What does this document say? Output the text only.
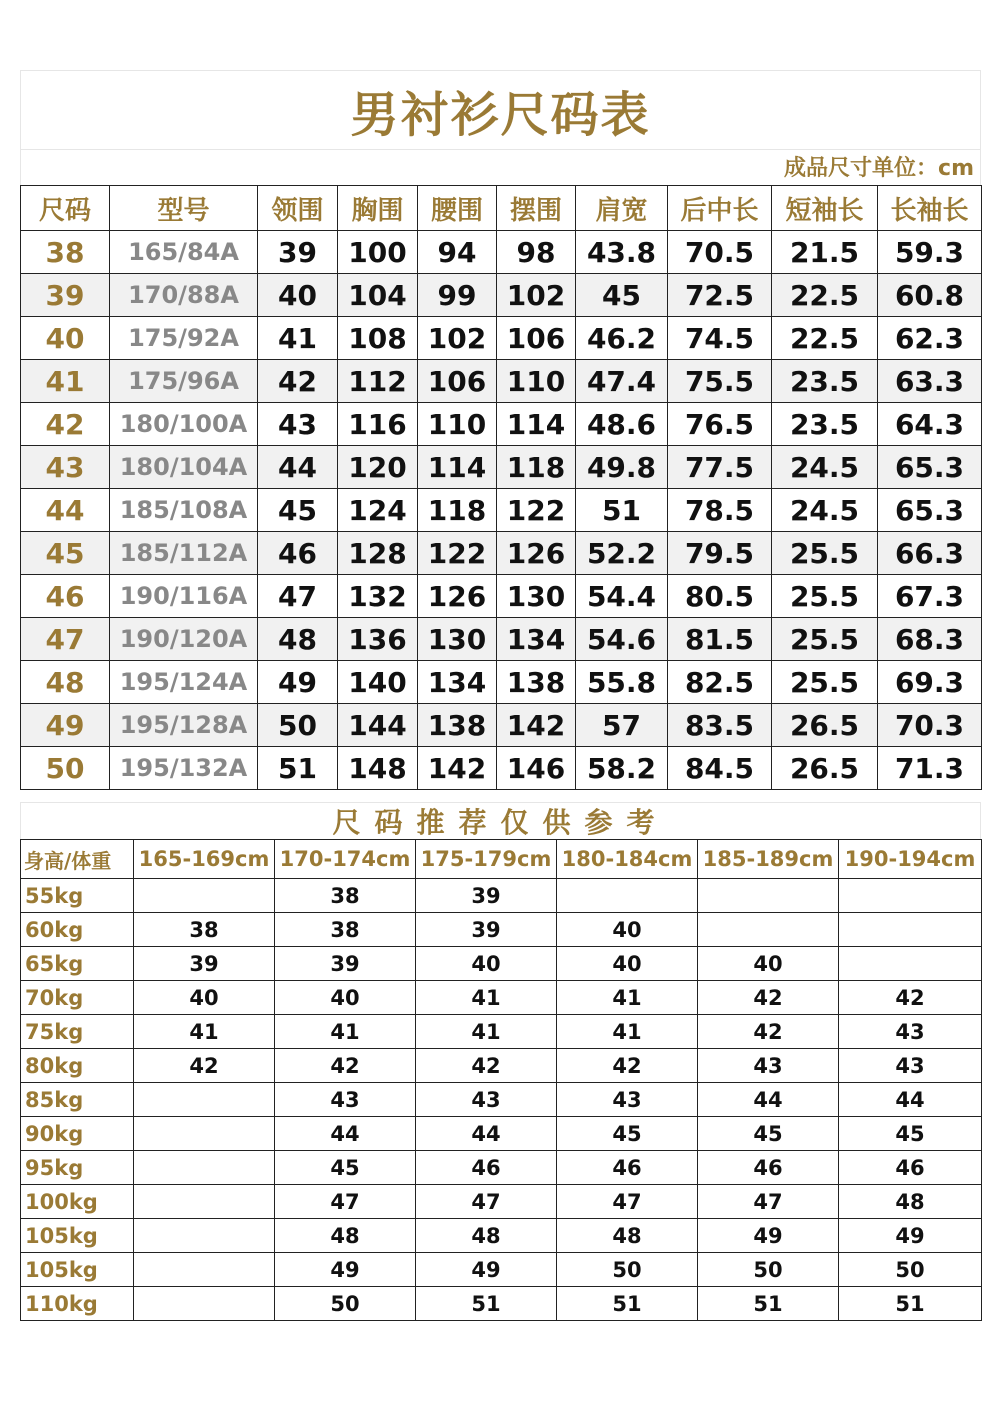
男衬衫尺码表
成品尺寸单位：cm
尺码	型号	领围	胸围	腰围	摆围	肩宽	后中长	短袖长	长袖长
38	165/84A	39	100	94	98	43.8	70.5	21.5	59.3
39	170/88A	40	104	99	102	45	72.5	22.5	60.8
40	175/92A	41	108	102	106	46.2	74.5	22.5	62.3
41	175/96A	42	112	106	110	47.4	75.5	23.5	63.3
42	180/100A	43	116	110	114	48.6	76.5	23.5	64.3
43	180/104A	44	120	114	118	49.8	77.5	24.5	65.3
44	185/108A	45	124	118	122	51	78.5	24.5	65.3
45	185/112A	46	128	122	126	52.2	79.5	25.5	66.3
46	190/116A	47	132	126	130	54.4	80.5	25.5	67.3
47	190/120A	48	136	130	134	54.6	81.5	25.5	68.3
48	195/124A	49	140	134	138	55.8	82.5	25.5	69.3
49	195/128A	50	144	138	142	57	83.5	26.5	70.3
50	195/132A	51	148	142	146	58.2	84.5	26.5	71.3
尺码推荐仅供参考
身高/体重	165-169cm	170-174cm	175-179cm	180-184cm	185-189cm	190-194cm
55kg		38	39			
60kg	38	38	39	40		
65kg	39	39	40	40	40	
70kg	40	40	41	41	42	42
75kg	41	41	41	41	42	43
80kg	42	42	42	42	43	43
85kg		43	43	43	44	44
90kg		44	44	45	45	45
95kg		45	46	46	46	46
100kg		47	47	47	47	48
105kg		48	48	48	49	49
105kg		49	49	50	50	50
110kg		50	51	51	51	51
